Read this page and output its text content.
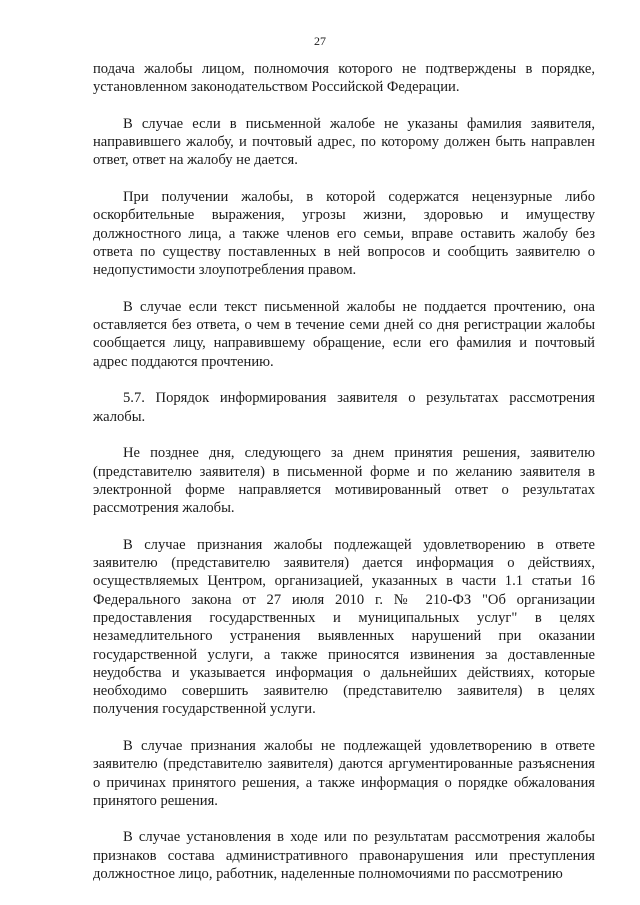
27

подача жалобы лицом, полномочия которого не подтверждены в порядке, установленном законодательством Российской Федерации.

В случае если в письменной жалобе не указаны фамилия заявителя, направившего жалобу, и почтовый адрес, по которому должен быть направлен ответ, ответ на жалобу не дается.

При получении жалобы, в которой содержатся нецензурные либо оскорбительные выражения, угрозы жизни, здоровью и имуществу должностного лица, а также членов его семьи, вправе оставить жалобу без ответа по существу поставленных в ней вопросов и сообщить заявителю о недопустимости злоупотребления правом.

В случае если текст письменной жалобы не поддается прочтению, она оставляется без ответа, о чем в течение семи дней со дня регистрации жалобы сообщается лицу, направившему обращение, если его фамилия и почтовый адрес поддаются прочтению.

5.7. Порядок информирования заявителя о результатах рассмотрения жалобы.

Не позднее дня, следующего за днем принятия решения, заявителю (представителю заявителя) в письменной форме и по желанию заявителя в электронной форме направляется мотивированный ответ о результатах рассмотрения жалобы.

В случае признания жалобы подлежащей удовлетворению в ответе заявителю (представителю заявителя) дается информация о действиях, осуществляемых Центром, организацией, указанных в части 1.1 статьи 16 Федерального закона от 27 июля 2010 г. № 210-ФЗ "Об организации предоставления государственных и муниципальных услуг" в целях незамедлительного устранения выявленных нарушений при оказании государственной услуги, а также приносятся извинения за доставленные неудобства и указывается информация о дальнейших действиях, которые необходимо совершить заявителю (представителю заявителя) в целях получения государственной услуги.

В случае признания жалобы не подлежащей удовлетворению в ответе заявителю (представителю заявителя) даются аргументированные разъяснения о причинах принятого решения, а также информация о порядке обжалования принятого решения.

В случае установления в ходе или по результатам рассмотрения жалобы признаков состава административного правонарушения или преступления должностное лицо, работник, наделенные полномочиями по рассмотрению
